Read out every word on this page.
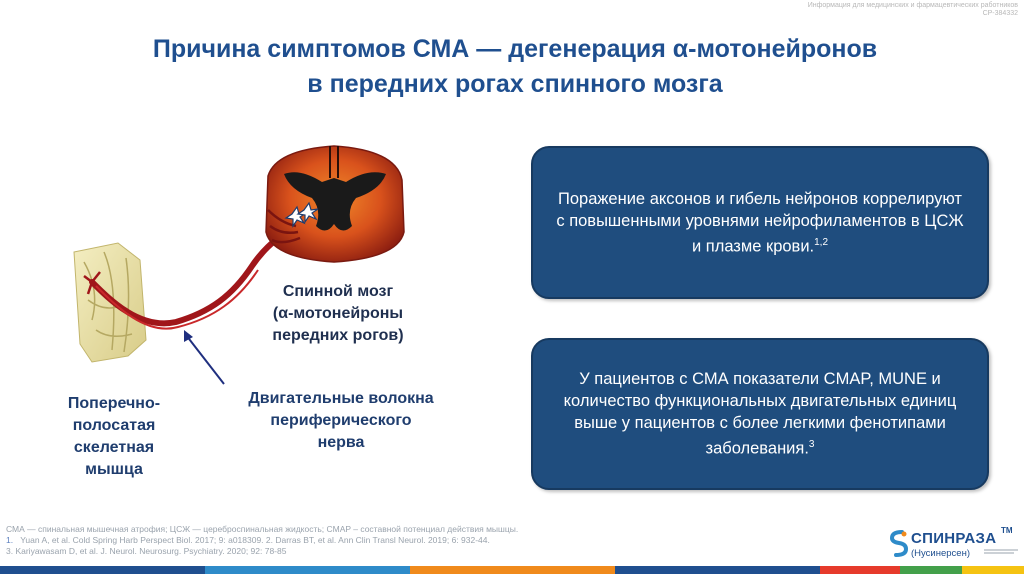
Информация для медицинских и фармацевтических работников
CP-384332
Причина симптомов СМА — дегенерация α-мотонейронов
в передних рогах спинного мозга
Спинной мозг
(α-мотонейроны
передних рогов)
Двигательные волокна
периферического
нерва
Поперечно-
полосатая
скелетная
мышца
Поражение аксонов и гибель нейронов коррелируют с повышенными уровнями нейрофиламентов в ЦСЖ и плазме крови.$^{1,2}$
У пациентов с СМА показатели CMAP, MUNE и количество функциональных двигательных единиц выше у пациентов с более легкими фенотипами заболевания.$^3$
СМА — спинальная мышечная атрофия; ЦСЖ — цереброспинальная жидкость; CMAP – составной потенциал действия мышцы.
1. Yuan A, et al. Cold Spring Harb Perspect Biol. 2017; 9: a018309. 2. Darras BT, et al. Ann Clin Transl Neurol. 2019; 6: 932-44.
3. Kariyawasam D, et al. J. Neurol. Neurosurg. Psychiatry. 2020; 92: 78-85
СПИНРАЗА TM
(Нусинерсен)
